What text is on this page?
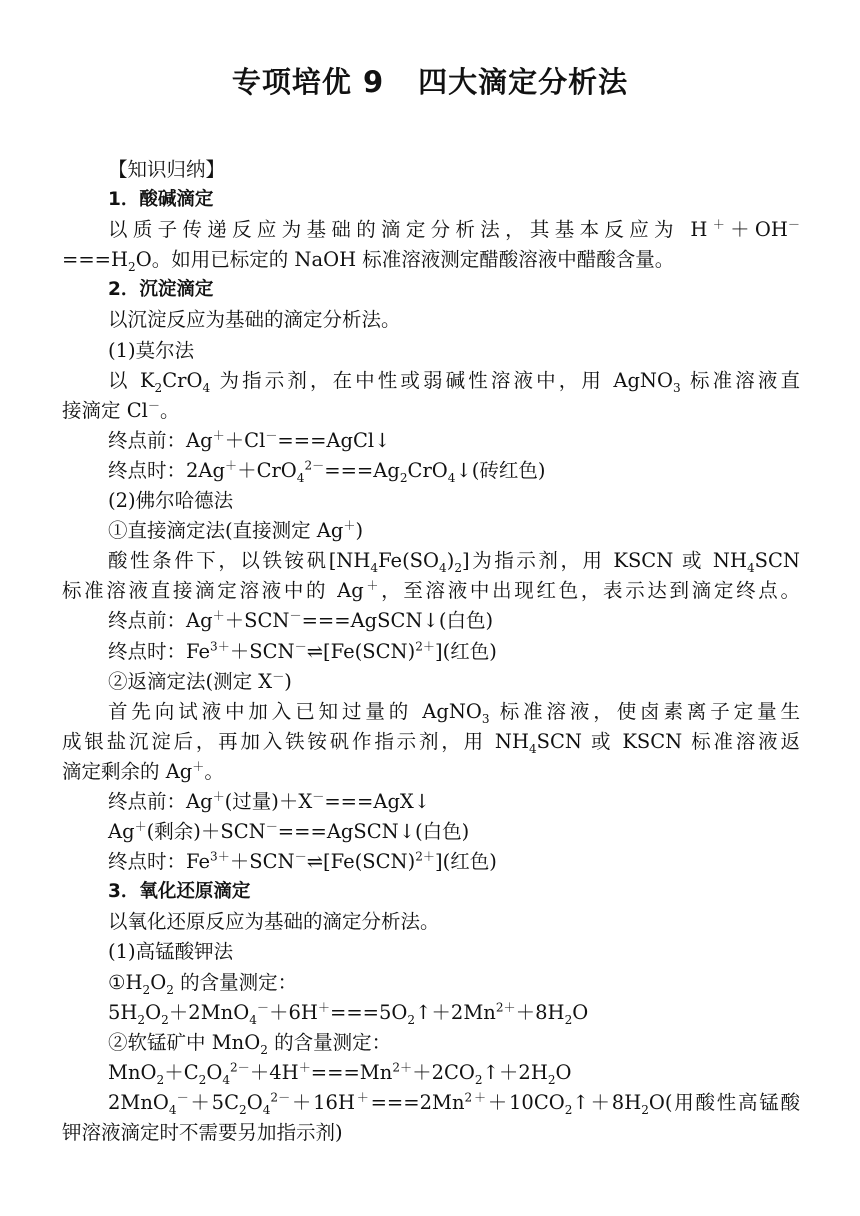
专项培优 9 四大滴定分析法
【知识归纳】
1．酸碱滴定
以质子传递反应为基础的滴定分析法，其基本反应为 H＋＋OH－
$===H_2O$。如用已标定的 NaOH 标准溶液测定醋酸溶液中醋酸含量。
2．沉淀滴定
以沉淀反应为基础的滴定分析法。
(1)莫尔法
以 $K_2CrO_4$ 为指示剂，在中性或弱碱性溶液中，用 AgNO$_3$ 标准溶液直
接滴定 Cl－。
终点前：Ag＋＋Cl－===AgCl↓
终点时：$2Ag^++CrO_4^{2-}===Ag_2CrO_4↓$(砖红色)
(2)佛尔哈德法
①直接滴定法(直接测定 Ag＋)
酸性条件下，以铁铵矾$[NH_4Fe(SO_4)_2]$为指示剂，用 KSCN 或 $NH_4SCN$
标准溶液直接滴定溶液中的 Ag＋，至溶液中出现红色，表示达到滴定终点。
终点前：Ag＋＋SCN－===AgSCN↓(白色)
终点时：$Fe^{3+}+SCN^-\rightleftharpoons[Fe(SCN)^{2+}]$(红色)
②返滴定法(测定 X－)
首先向试液中加入已知过量的 AgNO$_3$ 标准溶液，使卤素离子定量生
成银盐沉淀后，再加入铁铵矾作指示剂，用 $NH_4SCN$ 或 KSCN 标准溶液返
滴定剩余的 Ag＋。
终点前：Ag＋(过量)＋X－===AgX↓
Ag＋(剩余)＋SCN－===AgSCN↓(白色)
终点时：$Fe^{3+}+SCN^-\rightleftharpoons[Fe(SCN)^{2+}]$(红色)
3．氧化还原滴定
以氧化还原反应为基础的滴定分析法。
(1)高锰酸钾法
$①H_2O_2$ 的含量测定：
$5H_2O_2+2MnO_4^-+6H^+===5O_2↑+2Mn^{2+}+8H_2O$
②软锰矿中 MnO$_2$ 的含量测定：
$MnO_2+C_2O_4^{2-}+4H^+===Mn^{2+}+2CO_2↑+2H_2O$
$2MnO_4^-+5C_2O_4^{2-}+16H^+===2Mn^{2+}+10CO_2↑+8H_2O$(用酸性高锰酸
钾溶液滴定时不需要另加指示剂)
